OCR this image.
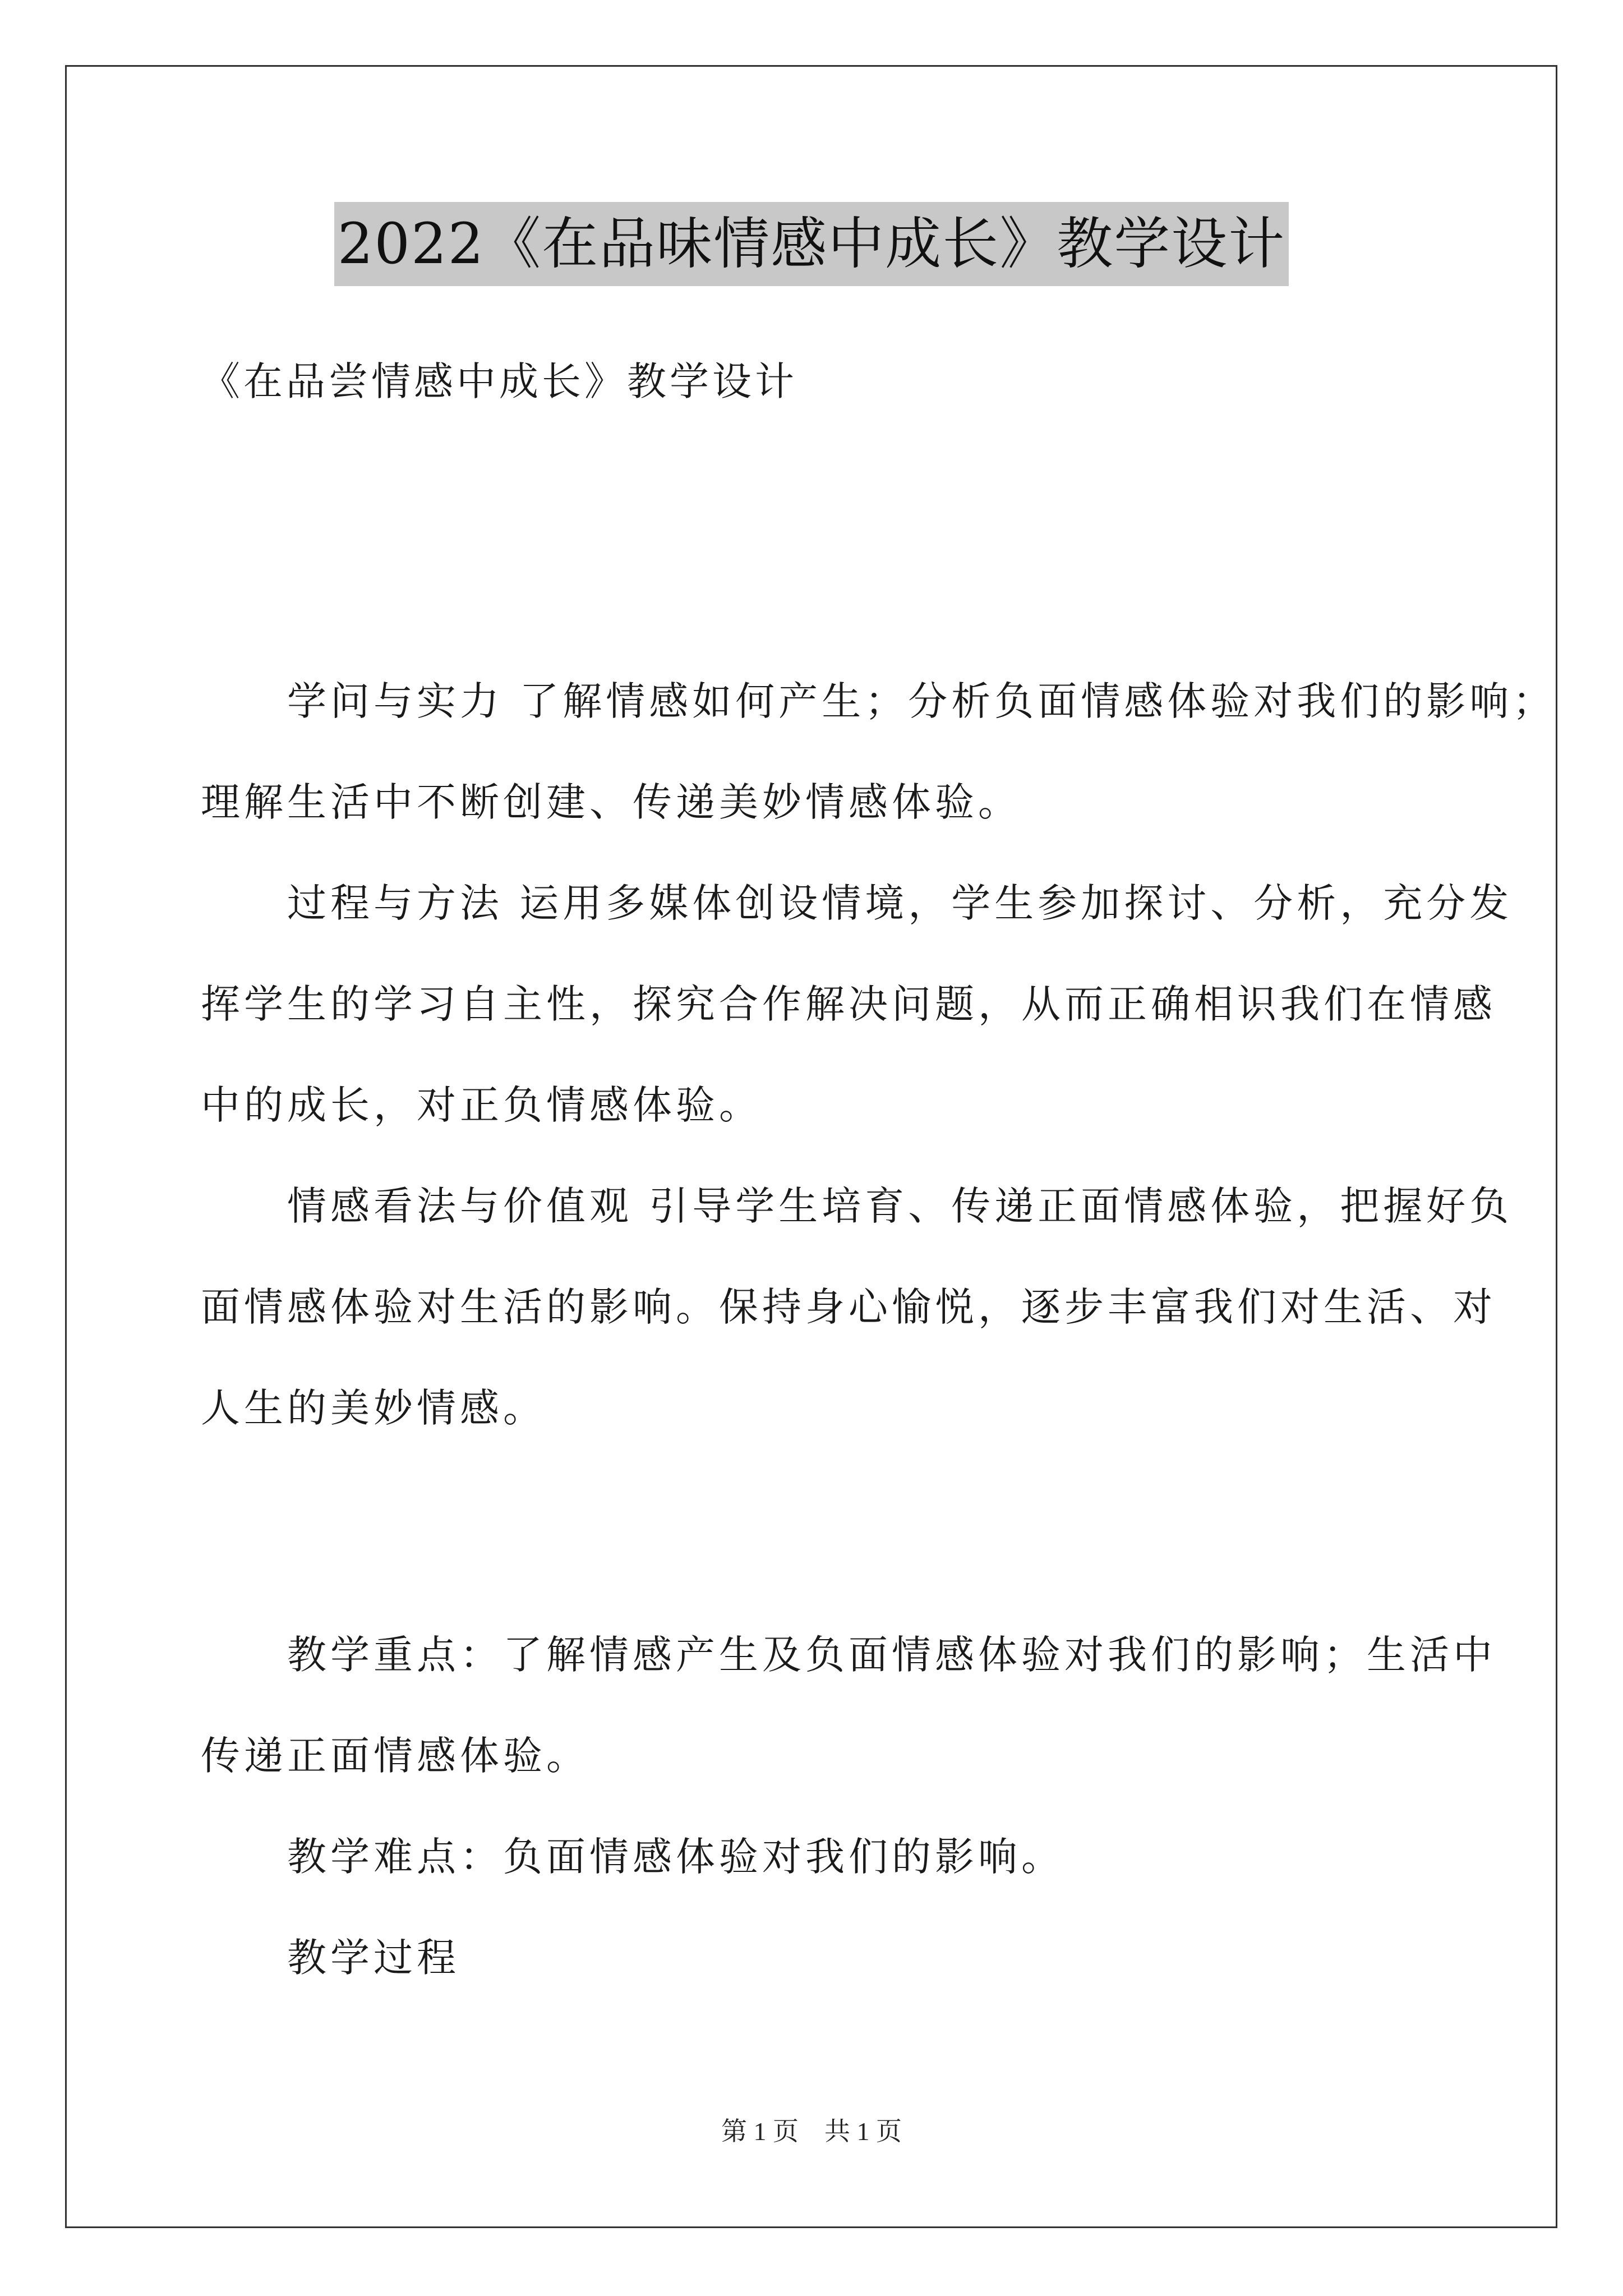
2022《在品味情感中成长》教学设计
《在品尝情感中成长》教学设计
　　学问与实力 了解情感如何产生；分析负面情感体验对我们的影响；
理解生活中不断创建、传递美妙情感体验。
　　过程与方法 运用多媒体创设情境，学生参加探讨、分析，充分发
挥学生的学习自主性，探究合作解决问题，从而正确相识我们在情感
中的成长，对正负情感体验。
　　情感看法与价值观 引导学生培育、传递正面情感体验，把握好负
面情感体验对生活的影响。保持身心愉悦，逐步丰富我们对生活、对
人生的美妙情感。
　　教学重点：了解情感产生及负面情感体验对我们的影响；生活中
传递正面情感体验。
　　教学难点：负面情感体验对我们的影响。
　　教学过程
第 1 页　共 1 页
